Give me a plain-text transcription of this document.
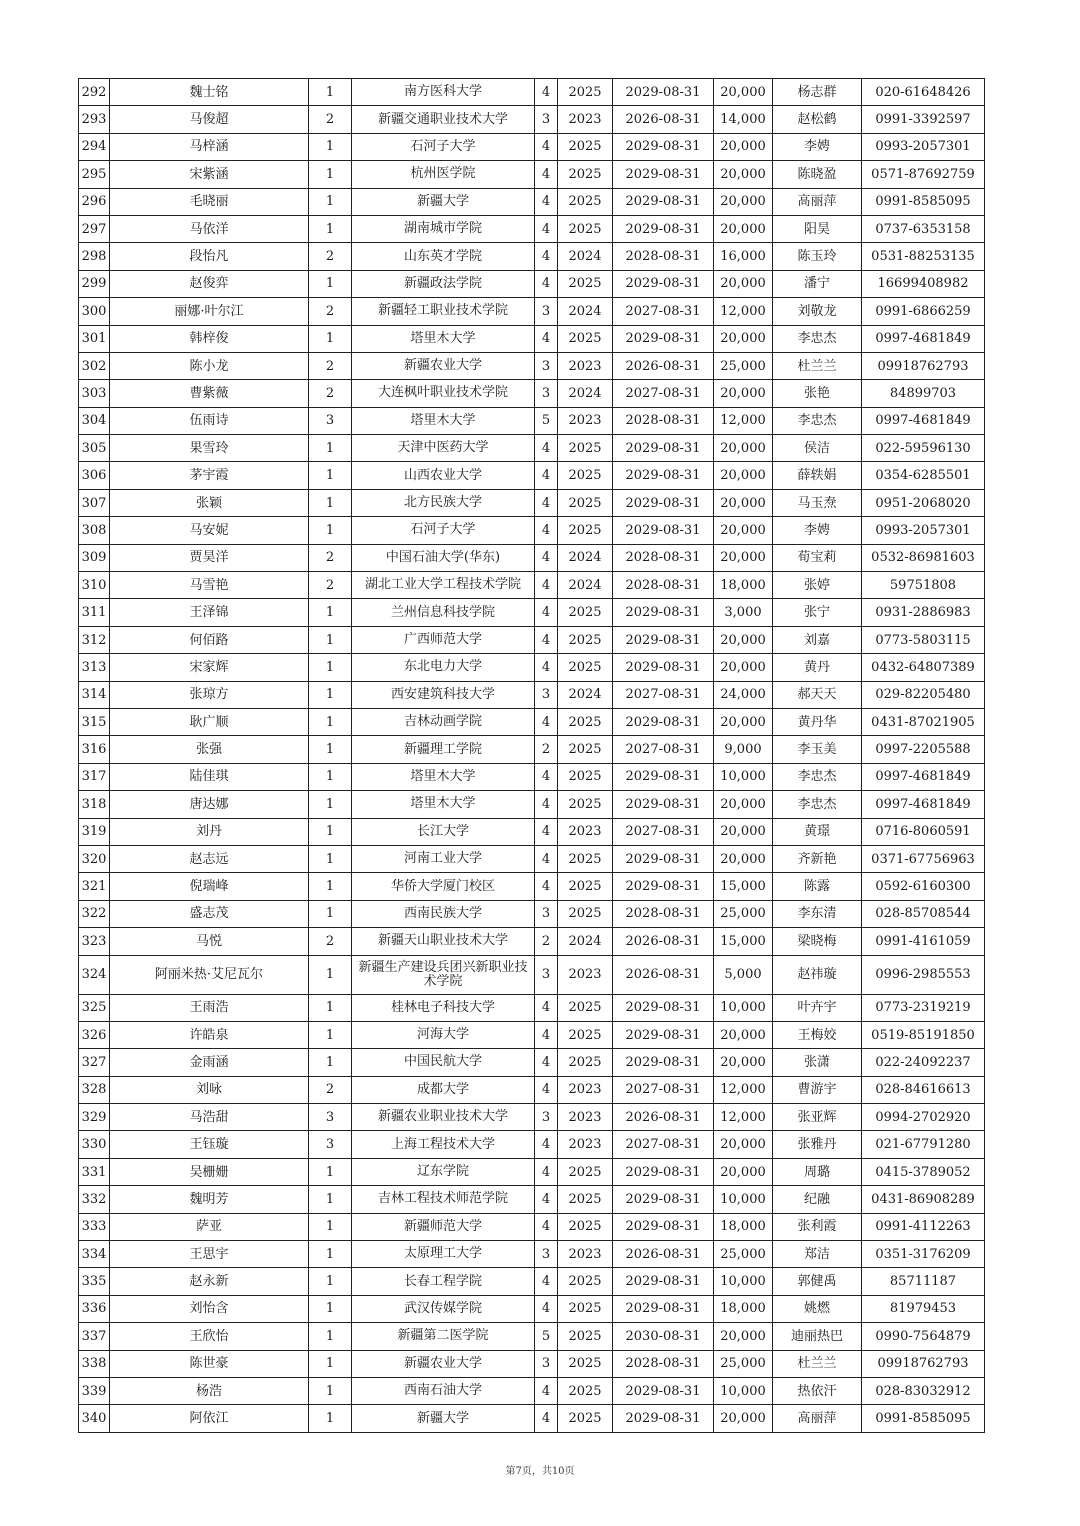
292	魏士铭	1	南方医科大学	4	2025	2029-08-31	20,000	杨志群	020-61648426
293	马俊超	2	新疆交通职业技术大学	3	2023	2026-08-31	14,000	赵松鹤	0991-3392597
294	马梓涵	1	石河子大学	4	2025	2029-08-31	20,000	李娉	0993-2057301
295	宋紫涵	1	杭州医学院	4	2025	2029-08-31	20,000	陈晓盈	0571-87692759
296	毛晓丽	1	新疆大学	4	2025	2029-08-31	20,000	高丽萍	0991-8585095
297	马依洋	1	湖南城市学院	4	2025	2029-08-31	20,000	阳昊	0737-6353158
298	段怡凡	2	山东英才学院	4	2024	2028-08-31	16,000	陈玉玲	0531-88253135
299	赵俊弈	1	新疆政法学院	4	2025	2029-08-31	20,000	潘宁	16699408982
300	丽娜·叶尔江	2	新疆轻工职业技术学院	3	2024	2027-08-31	12,000	刘敬龙	0991-6866259
301	韩梓俊	1	塔里木大学	4	2025	2029-08-31	20,000	李忠杰	0997-4681849
302	陈小龙	2	新疆农业大学	3	2023	2026-08-31	25,000	杜兰兰	09918762793
303	曹紫薇	2	大连枫叶职业技术学院	3	2024	2027-08-31	20,000	张艳	84899703
304	伍雨诗	3	塔里木大学	5	2023	2028-08-31	12,000	李忠杰	0997-4681849
305	果雪玲	1	天津中医药大学	4	2025	2029-08-31	20,000	侯洁	022-59596130
306	茅宇霞	1	山西农业大学	4	2025	2029-08-31	20,000	薛轶娟	0354-6285501
307	张颖	1	北方民族大学	4	2025	2029-08-31	20,000	马玉焘	0951-2068020
308	马安妮	1	石河子大学	4	2025	2029-08-31	20,000	李娉	0993-2057301
309	贾昊洋	2	中国石油大学(华东)	4	2024	2028-08-31	20,000	荀宝莉	0532-86981603
310	马雪艳	2	湖北工业大学工程技术学院	4	2024	2028-08-31	18,000	张婷	59751808
311	王泽锦	1	兰州信息科技学院	4	2025	2029-08-31	3,000	张宁	0931-2886983
312	何佰路	1	广西师范大学	4	2025	2029-08-31	20,000	刘嘉	0773-5803115
313	宋家辉	1	东北电力大学	4	2025	2029-08-31	20,000	黄丹	0432-64807389
314	张琼方	1	西安建筑科技大学	3	2024	2027-08-31	24,000	郝天天	029-82205480
315	耿广顺	1	吉林动画学院	4	2025	2029-08-31	20,000	黄丹华	0431-87021905
316	张强	1	新疆理工学院	2	2025	2027-08-31	9,000	李玉美	0997-2205588
317	陆佳琪	1	塔里木大学	4	2025	2029-08-31	10,000	李忠杰	0997-4681849
318	唐达娜	1	塔里木大学	4	2025	2029-08-31	20,000	李忠杰	0997-4681849
319	刘丹	1	长江大学	4	2023	2027-08-31	20,000	黄璟	0716-8060591
320	赵志远	1	河南工业大学	4	2025	2029-08-31	20,000	齐新艳	0371-67756963
321	倪瑞峰	1	华侨大学厦门校区	4	2025	2029-08-31	15,000	陈露	0592-6160300
322	盛志茂	1	西南民族大学	3	2025	2028-08-31	25,000	李东清	028-85708544
323	马悦	2	新疆天山职业技术大学	2	2024	2026-08-31	15,000	梁晓梅	0991-4161059
324	阿丽米热·艾尼瓦尔	1	新疆生产建设兵团兴新职业技术学院	3	2023	2026-08-31	5,000	赵祎璇	0996-2985553
325	王雨浩	1	桂林电子科技大学	4	2025	2029-08-31	10,000	叶卉宇	0773-2319219
326	许皓泉	1	河海大学	4	2025	2029-08-31	20,000	王梅姣	0519-85191850
327	金雨涵	1	中国民航大学	4	2025	2029-08-31	20,000	张潇	022-24092237
328	刘咏	2	成都大学	4	2023	2027-08-31	12,000	曹游宇	028-84616613
329	马浩甜	3	新疆农业职业技术大学	3	2023	2026-08-31	12,000	张亚辉	0994-2702920
330	王钰璇	3	上海工程技术大学	4	2023	2027-08-31	20,000	张雅丹	021-67791280
331	吴栅姗	1	辽东学院	4	2025	2029-08-31	20,000	周璐	0415-3789052
332	魏明芳	1	吉林工程技术师范学院	4	2025	2029-08-31	10,000	纪融	0431-86908289
333	萨亚	1	新疆师范大学	4	2025	2029-08-31	18,000	张利霞	0991-4112263
334	王思宇	1	太原理工大学	3	2023	2026-08-31	25,000	郑洁	0351-3176209
335	赵永新	1	长春工程学院	4	2025	2029-08-31	10,000	郭健禹	85711187
336	刘怡含	1	武汉传媒学院	4	2025	2029-08-31	18,000	姚燃	81979453
337	王欣怡	1	新疆第二医学院	5	2025	2030-08-31	20,000	迪丽热巴	0990-7564879
338	陈世豪	1	新疆农业大学	3	2025	2028-08-31	25,000	杜兰兰	09918762793
339	杨浩	1	西南石油大学	4	2025	2029-08-31	10,000	热依汗	028-83032912
340	阿依江	1	新疆大学	4	2025	2029-08-31	20,000	高丽萍	0991-8585095
第7页，共10页
